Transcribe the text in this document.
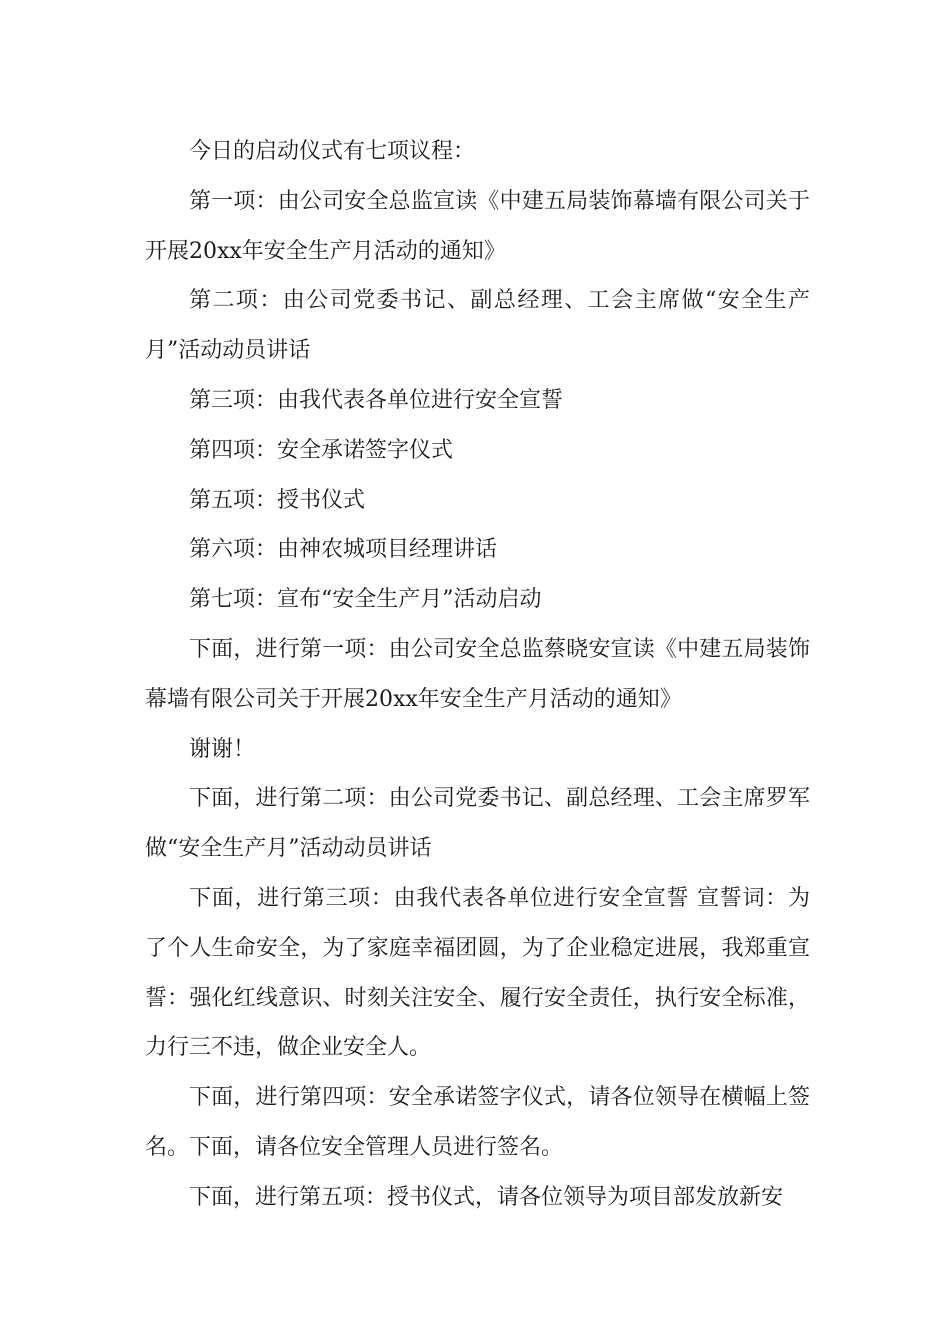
今日的启动仪式有七项议程：

第一项：由公司安全总监宣读《中建五局装饰幕墙有限公司关于开展20xx年安全生产月活动的通知》

第二项：由公司党委书记、副总经理、工会主席做“安全生产月”活动动员讲话

第三项：由我代表各单位进行安全宣誓

第四项：安全承诺签字仪式

第五项：授书仪式

第六项：由神农城项目经理讲话

第七项：宣布“安全生产月”活动启动

下面，进行第一项：由公司安全总监蔡晓安宣读《中建五局装饰幕墙有限公司关于开展20xx年安全生产月活动的通知》

谢谢！

下面，进行第二项：由公司党委书记、副总经理、工会主席罗军做“安全生产月”活动动员讲话

下面，进行第三项：由我代表各单位进行安全宣誓 宣誓词：为了个人生命安全，为了家庭幸福团圆，为了企业稳定进展，我郑重宣誓：强化红线意识、时刻关注安全、履行安全责任，执行安全标准，力行三不违，做企业安全人。

下面，进行第四项：安全承诺签字仪式，请各位领导在横幅上签名。下面，请各位安全管理人员进行签名。

下面，进行第五项：授书仪式，请各位领导为项目部发放新安
